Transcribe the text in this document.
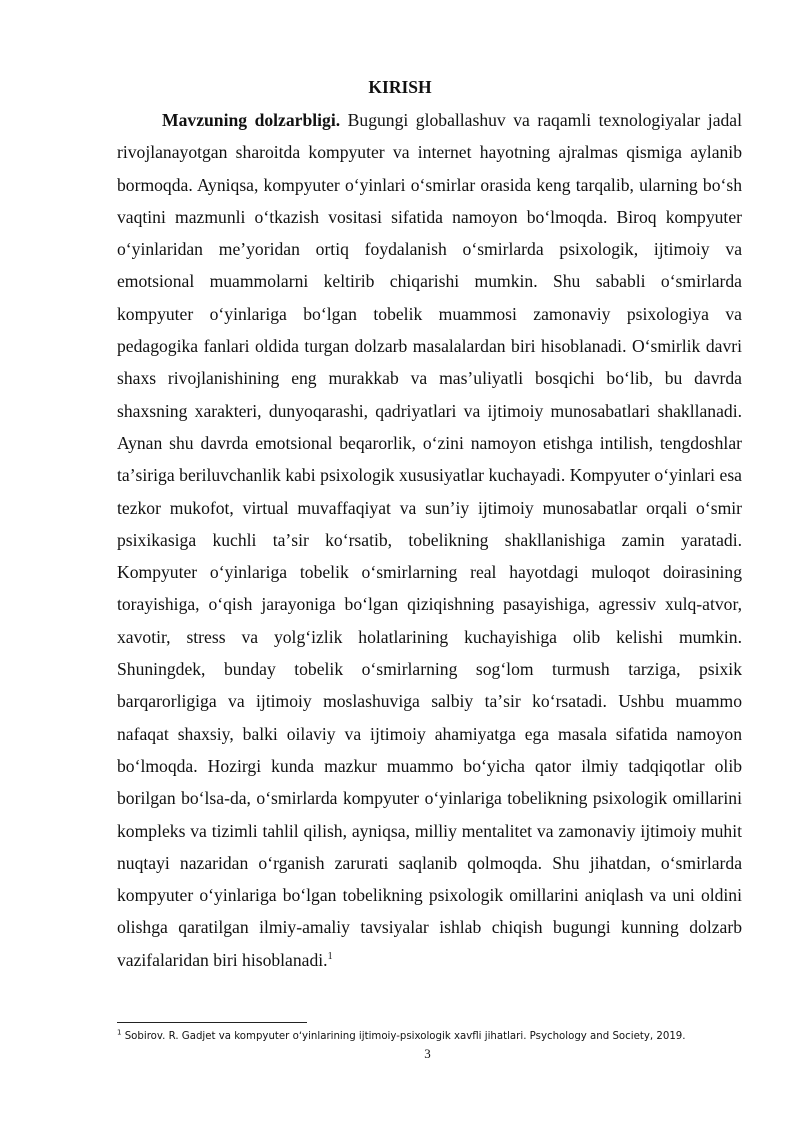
KIRISH

Mavzuning dolzarbligi. Bugungi globallashuv va raqamli texnologiyalar jadal rivojlanayotgan sharoitda kompyuter va internet hayotning ajralmas qismiga aylanib bormoqda. Ayniqsa, kompyuter oʻyinlari oʻsmirlar orasida keng tarqalib, ularning boʻsh vaqtini mazmunli oʻtkazish vositasi sifatida namoyon boʻlmoqda. Biroq kompyuter oʻyinlaridan meʼyoridan ortiq foydalanish oʻsmirlarda psixologik, ijtimoiy va emotsional muammolarni keltirib chiqarishi mumkin. Shu sababli oʻsmirlarda kompyuter oʻyinlariga boʻlgan tobelik muammosi zamonaviy psixologiya va pedagogika fanlari oldida turgan dolzarb masalalardan biri hisoblanadi. Oʻsmirlik davri shaxs rivojlanishining eng murakkab va masʼuliyatli bosqichi boʻlib, bu davrda shaxsning xarakteri, dunyoqarashi, qadriyatlari va ijtimoiy munosabatlari shakllanadi. Aynan shu davrda emotsional beqarorlik, oʻzini namoyon etishga intilish, tengdoshlar taʼsiriga beriluvchanlik kabi psixologik xususiyatlar kuchayadi. Kompyuter oʻyinlari esa tezkor mukofot, virtual muvaffaqiyat va sunʼiy ijtimoiy munosabatlar orqali oʻsmir psixikasiga kuchli taʼsir koʻrsatib, tobelikning shakllanishiga zamin yaratadi. Kompyuter oʻyinlariga tobelik oʻsmirlarning real hayotdagi muloqot doirasining torayishiga, oʻqish jarayoniga boʻlgan qiziqishning pasayishiga, agressiv xulq-atvor, xavotir, stress va yolgʻizlik holatlarining kuchayishiga olib kelishi mumkin. Shuningdek, bunday tobelik oʻsmirlarning sogʻlom turmush tarziga, psixik barqarorligiga va ijtimoiy moslashuviga salbiy taʼsir koʻrsatadi. Ushbu muammo nafaqat shaxsiy, balki oilaviy va ijtimoiy ahamiyatga ega masala sifatida namoyon boʻlmoqda. Hozirgi kunda mazkur muammo boʻyicha qator ilmiy tadqiqotlar olib borilgan boʻlsa-da, oʻsmirlarda kompyuter oʻyinlariga tobelikning psixologik omillarini kompleks va tizimli tahlil qilish, ayniqsa, milliy mentalitet va zamonaviy ijtimoiy muhit nuqtayi nazaridan oʻrganish zarurati saqlanib qolmoqda. Shu jihatdan, oʻsmirlarda kompyuter oʻyinlariga boʻlgan tobelikning psixologik omillarini aniqlash va uni oldini olishga qaratilgan ilmiy-amaliy tavsiyalar ishlab chiqish bugungi kunning dolzarb vazifalaridan biri hisoblanadi.$^1$

$^1$ Sobirov. R. Gadjet va kompyuter oʻyinlarining ijtimoiy-psixologik xavfli jihatlari. Psychology and Society, 2019.
3
